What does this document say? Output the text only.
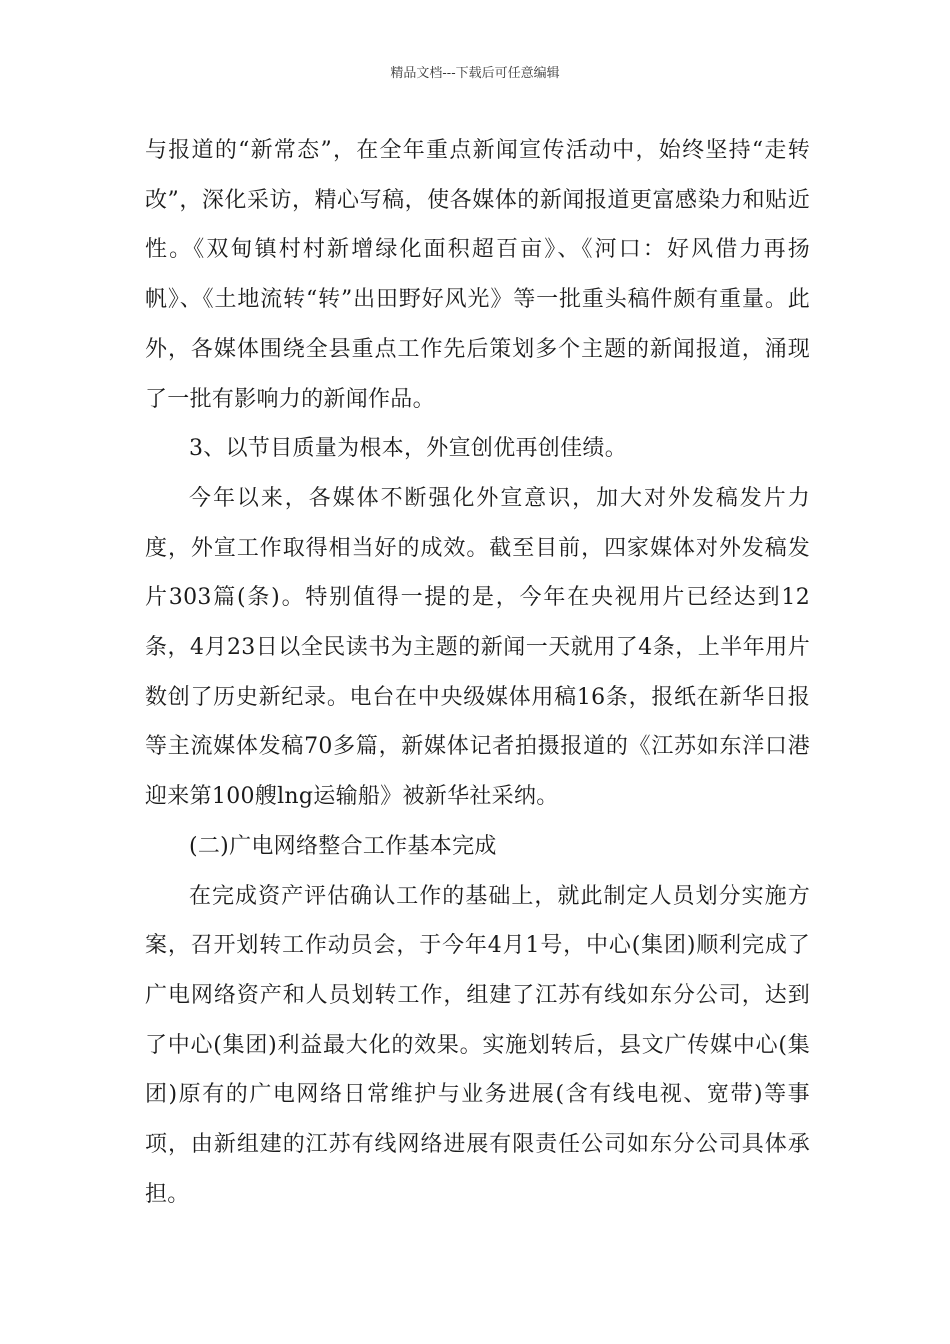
精品文档---下载后可任意编辑

与报道的“新常态”，在全年重点新闻宣传活动中，始终坚持“走转改”，深化采访，精心写稿，使各媒体的新闻报道更富感染力和贴近性。《双甸镇村村新增绿化面积超百亩》、《河口：好风借力再扬帆》、《土地流转“转”出田野好风光》等一批重头稿件颇有重量。此外，各媒体围绕全县重点工作先后策划多个主题的新闻报道，涌现了一批有影响力的新闻作品。

3、以节目质量为根本，外宣创优再创佳绩。

今年以来，各媒体不断强化外宣意识，加大对外发稿发片力度，外宣工作取得相当好的成效。截至目前，四家媒体对外发稿发片303篇(条)。特别值得一提的是，今年在央视用片已经达到12条，4月23日以全民读书为主题的新闻一天就用了4条，上半年用片数创了历史新纪录。电台在中央级媒体用稿16条，报纸在新华日报等主流媒体发稿70多篇，新媒体记者拍摄报道的《江苏如东洋口港迎来第100艘lng运输船》被新华社采纳。

(二)广电网络整合工作基本完成

在完成资产评估确认工作的基础上，就此制定人员划分实施方案，召开划转工作动员会，于今年4月1号，中心(集团)顺利完成了广电网络资产和人员划转工作，组建了江苏有线如东分公司，达到了中心(集团)利益最大化的效果。实施划转后，县文广传媒中心(集团)原有的广电网络日常维护与业务进展(含有线电视、宽带)等事项，由新组建的江苏有线网络进展有限责任公司如东分公司具体承担。
